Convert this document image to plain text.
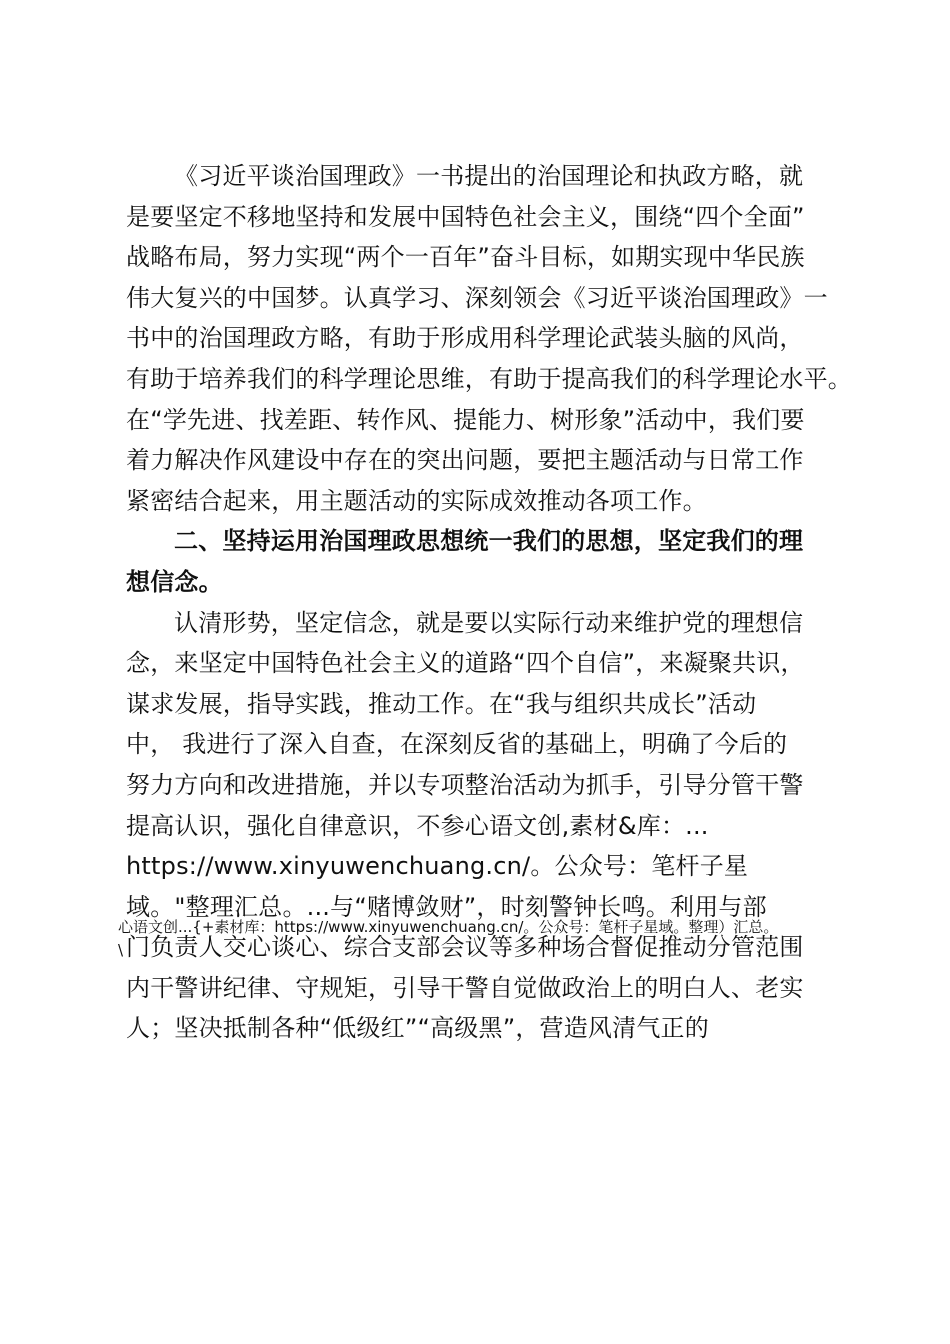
《习近平谈治国理政》一书提出的治国理论和执政方略，就
是要坚定不移地坚持和发展中国特色社会主义，围绕“四个全面”
战略布局，努力实现“两个一百年”奋斗目标，如期实现中华民族
伟大复兴的中国梦。认真学习、深刻领会《习近平谈治国理政》一
书中的治国理政方略，有助于形成用科学理论武装头脑的风尚，
有助于培养我们的科学理论思维，有助于提高我们的科学理论水平。
在“学先进、找差距、转作风、提能力、树形象”活动中，我们要
着力解决作风建设中存在的突出问题，要把主题活动与日常工作
紧密结合起来，用主题活动的实际成效推动各项工作。
二、坚持运用治国理政思想统一我们的思想，坚定我们的理
想信念。
认清形势，坚定信念，就是要以实际行动来维护党的理想信
念，来坚定中国特色社会主义的道路“四个自信”，来凝聚共识，
谋求发展，指导实践，推动工作。在“我与组织共成长”活动
中， 我进行了深入自查，在深刻反省的基础上，明确了今后的
努力方向和改进措施，并以专项整治活动为抓手，引导分管干警
提高认识，强化自律意识，不参心语文创,素材&库：...
https://www.xinyuwenchuang.cn/。公众号：笔杆子星
域。"整理汇总。...与“赌博敛财”，时刻警钟长鸣。利用与部
门负责人交心谈心、综合支部会议等多种场合督促推动分管范围
内干警讲纪律、守规矩，引导干警自觉做政治上的明白人、老实
人；坚决抵制各种“低级红”“高级黑”，营造风清气正的
心语文创...{+素材库：https://www.xinyuwenchuang.cn/。公众号：笔杆子星域。整理）汇总。
\
